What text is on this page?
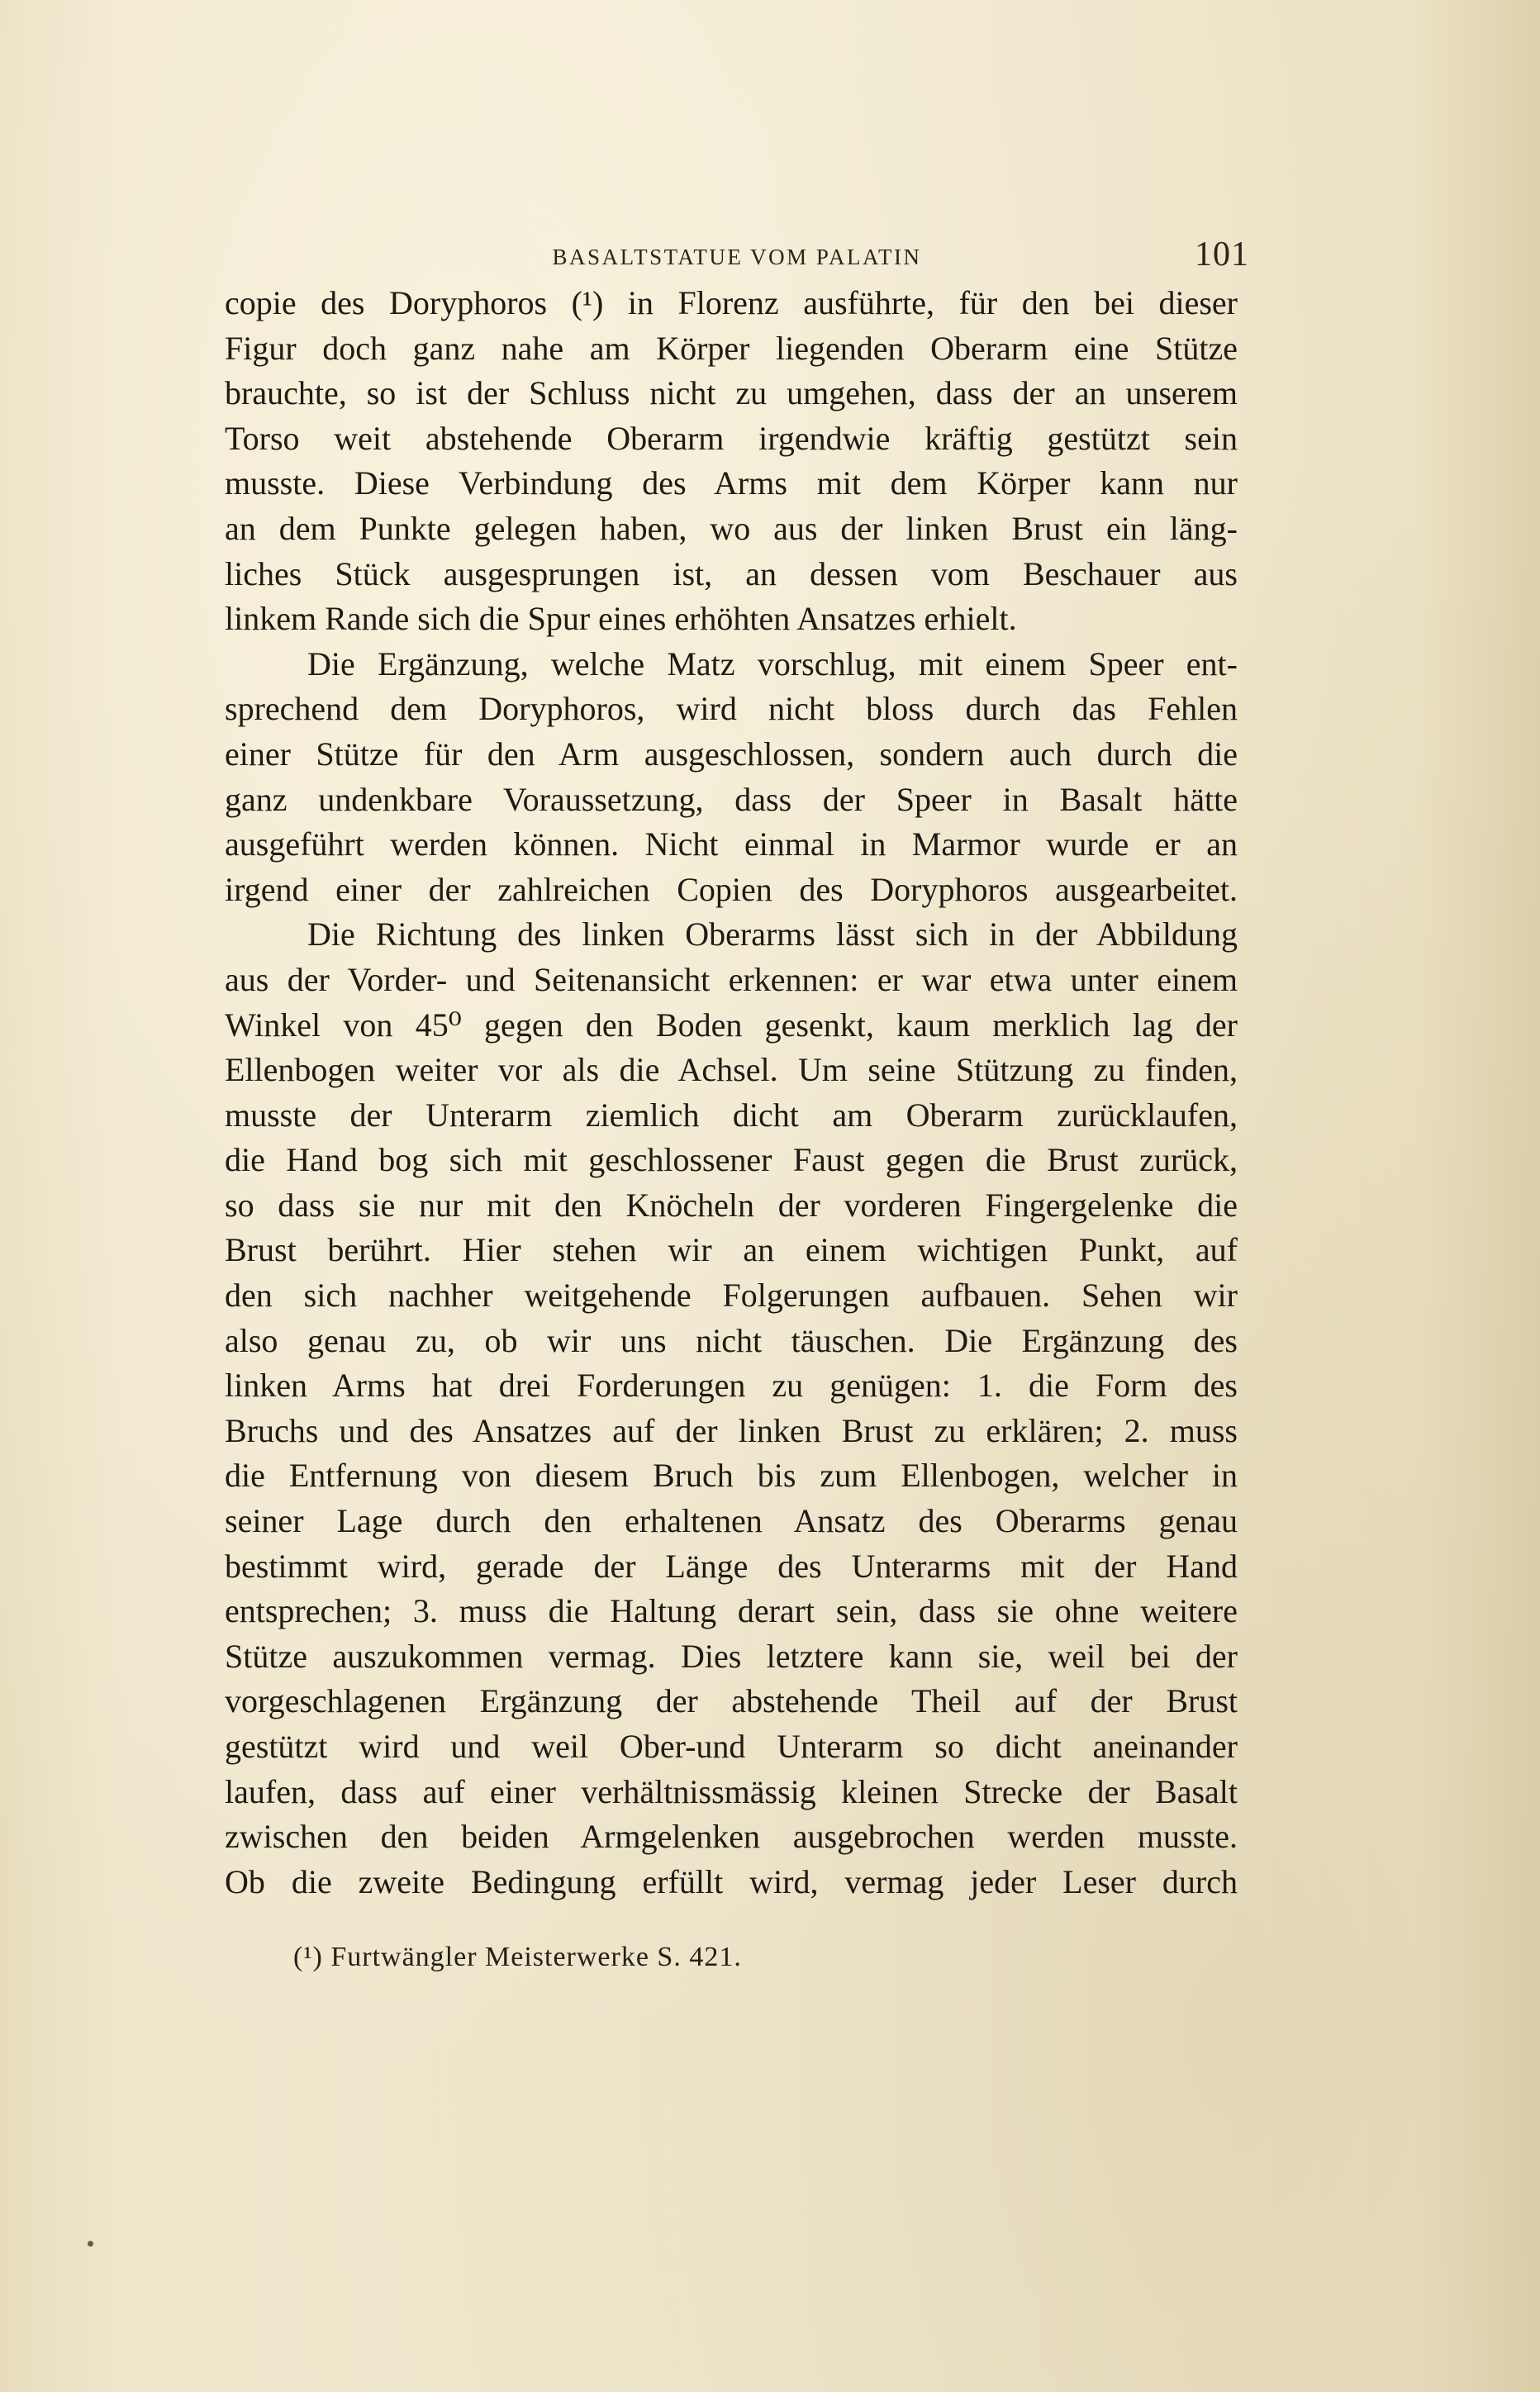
BASALTSTATUE VOM PALATIN	101
copie des Doryphoros (¹) in Florenz ausführte, für den bei dieser
Figur doch ganz nahe am Körper liegenden Oberarm eine Stütze
brauchte, so ist der Schluss nicht zu umgehen, dass der an unserem
Torso weit abstehende Oberarm irgendwie kräftig gestützt sein
musste. Diese Verbindung des Arms mit dem Körper kann nur
an dem Punkte gelegen haben, wo aus der linken Brust ein läng-
liches Stück ausgesprungen ist, an dessen vom Beschauer aus
linkem Rande sich die Spur eines erhöhten Ansatzes erhielt.
Die Ergänzung, welche Matz vorschlug, mit einem Speer ent-
sprechend dem Doryphoros, wird nicht bloss durch das Fehlen
einer Stütze für den Arm ausgeschlossen, sondern auch durch die
ganz undenkbare Voraussetzung, dass der Speer in Basalt hätte
ausgeführt werden können. Nicht einmal in Marmor wurde er an
irgend einer der zahlreichen Copien des Doryphoros ausgearbeitet.
Die Richtung des linken Oberarms lässt sich in der Abbildung
aus der Vorder- und Seitenansicht erkennen: er war etwa unter einem
Winkel von 45⁰ gegen den Boden gesenkt, kaum merklich lag der
Ellenbogen weiter vor als die Achsel. Um seine Stützung zu finden,
musste der Unterarm ziemlich dicht am Oberarm zurücklaufen,
die Hand bog sich mit geschlossener Faust gegen die Brust zurück,
so dass sie nur mit den Knöcheln der vorderen Fingergelenke die
Brust berührt. Hier stehen wir an einem wichtigen Punkt, auf
den sich nachher weitgehende Folgerungen aufbauen. Sehen wir
also genau zu, ob wir uns nicht täuschen. Die Ergänzung des
linken Arms hat drei Forderungen zu genügen: 1. die Form des
Bruchs und des Ansatzes auf der linken Brust zu erklären; 2. muss
die Entfernung von diesem Bruch bis zum Ellenbogen, welcher in
seiner Lage durch den erhaltenen Ansatz des Oberarms genau
bestimmt wird, gerade der Länge des Unterarms mit der Hand
entsprechen; 3. muss die Haltung derart sein, dass sie ohne weitere
Stütze auszukommen vermag. Dies letztere kann sie, weil bei der
vorgeschlagenen Ergänzung der abstehende Theil auf der Brust
gestützt wird und weil Ober-und Unterarm so dicht aneinander
laufen, dass auf einer verhältnissmässig kleinen Strecke der Basalt
zwischen den beiden Armgelenken ausgebrochen werden musste.
Ob die zweite Bedingung erfüllt wird, vermag jeder Leser durch
(¹) Furtwängler Meisterwerke S. 421.
